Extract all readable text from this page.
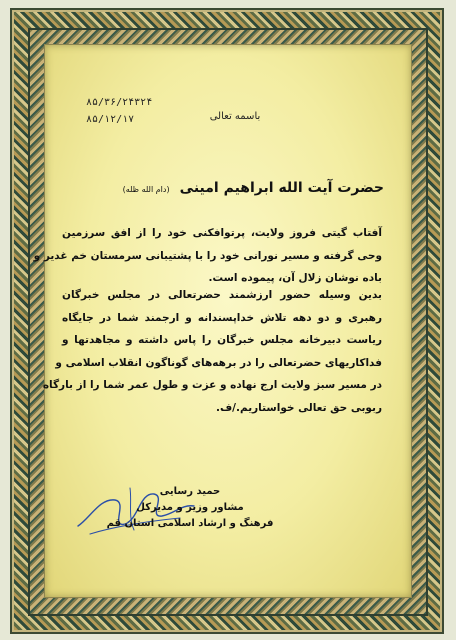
۸۵/۳۶/۲۴۳۲۴
۸۵/۱۲/۱۷	باسمه تعالی
حضرت آیت الله ابراهیم امینی (دام الله ظله)
آفتاب گیتی فروز ولایت، پرتوافکنی خود را از افق سرزمین
وحی گرفته و مسیر نورانی خود را با پشتیبانی سرمستان خم غدیر و
باده نوشان زلال آن، پیموده است.
بدین وسیله حضور ارزشمند حضرتعالی در مجلس خبرگان
رهبری و دو دهه تلاش خداپسندانه و ارجمند شما در جایگاه
ریاست دبیرخانه مجلس خبرگان را پاس داشته و مجاهدتها و
فداکاریهای حضرتعالی را در برهه‌های گوناگون انقلاب اسلامی و
در مسیر سبز ولایت ارج نهاده و عزت و طول عمر شما را از بارگاه
ربوبی حق تعالی خواستاریم./ف.
حمید رسایی
مشاور وزیر و مدیرکل
فرهنگ و ارشاد اسلامی استان قم
